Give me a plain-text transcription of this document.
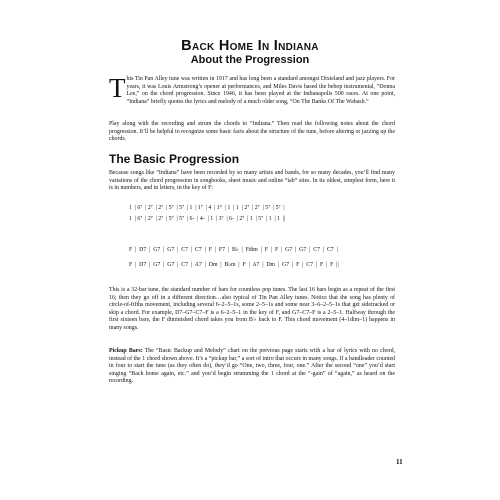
Back Home In Indiana
About the Progression

This Tin Pan Alley tune was written in 1917 and has long been a standard amongst Dixieland and jazz players. For years, it was Louis Armstrong’s opener at performances, and Miles Davis based the bebop instrumental, “Donna Lee,” on the chord progression. Since 1946, it has been played at the Indianapolis 500 races. At one point, “Indiana” briefly quotes the lyrics and melody of a much older song, “On The Banks Of The Wabash.”

Play along with the recording and strum the chords to “Indiana.” Then read the following notes about the chord progression. It’ll be helpful to recognize some basic facts about the structure of the tune, before altering or jazzing up the chords.

The Basic Progression

Because songs like “Indiana” have been recorded by so many artists and bands, for so many decades, you’ll find many variations of the chord progression in songbooks, sheet music and online “tab” sites. In its oldest, simplest form, here it is in numbers, and in letters, in the key of F:

1  | 6⁷  | 2⁷  | 2⁷  | 5⁷  | 5⁷  | 1  | 1⁷  | 4  | 1°  | 1  | 1  | 2⁷  | 2⁷  | 5⁷  | 5⁷  |
1  | 6⁷  | 2⁷  | 2⁷  | 5⁷  | 5⁷  | 6-  | 4-  | 1  | 3⁷  | 6-  | 2⁷  | 1  | 5⁷  | 1  | 1  ||
F  |  D7  |  G7  |  G7  |  C7  |  C7  |  F  |  F7  |  B♭  |  Fdim  |  F  |  F  |  G7  |  G7  |  C7  |  C7  |
F  |  D7  |  G7  |  G7  |  C7  |  A7  |  Dm  |  B♭m  |  F  |  A7  |  Dm  |  G7  |  F  |  C7  |  F  |  F  ||

This is a 32-bar tune, the standard number of bars for countless pop tunes. The last 16 bars begin as a repeat of the first 16; then they go off in a different direction…also typical of Tin Pan Alley tunes. Notice that the song has plenty of circle-of-fifths movement, including several 6–2–5–1s, some 2–5–1s and some near 3–6–2–5–1s that get sidetracked or skip a chord. For example, D7–G7–C7–F is a 6–2–5–1 in the key of F, and G7–C7–F is a 2–5–1. Halfway through the first sixteen bars, the F diminished chord takes you from B♭ back to F. This chord movement (4–1dim–1) happens in many songs.

Pickup Bars: The “Basic Backup and Melody” chart on the previous page starts with a bar of lyrics with no chord, instead of the 1 chord shown above. It’s a “pickup bar,” a sort of intro that occurs in many songs. If a bandleader counted in four to start the tune (as they often do), they’d go “One, two, three, four, one.” After the second “one” you’d start singing “Back home again, etc.” and you’d begin strumming the 1 chord at the “-gain” of “again,” as heard on the recording.

11
